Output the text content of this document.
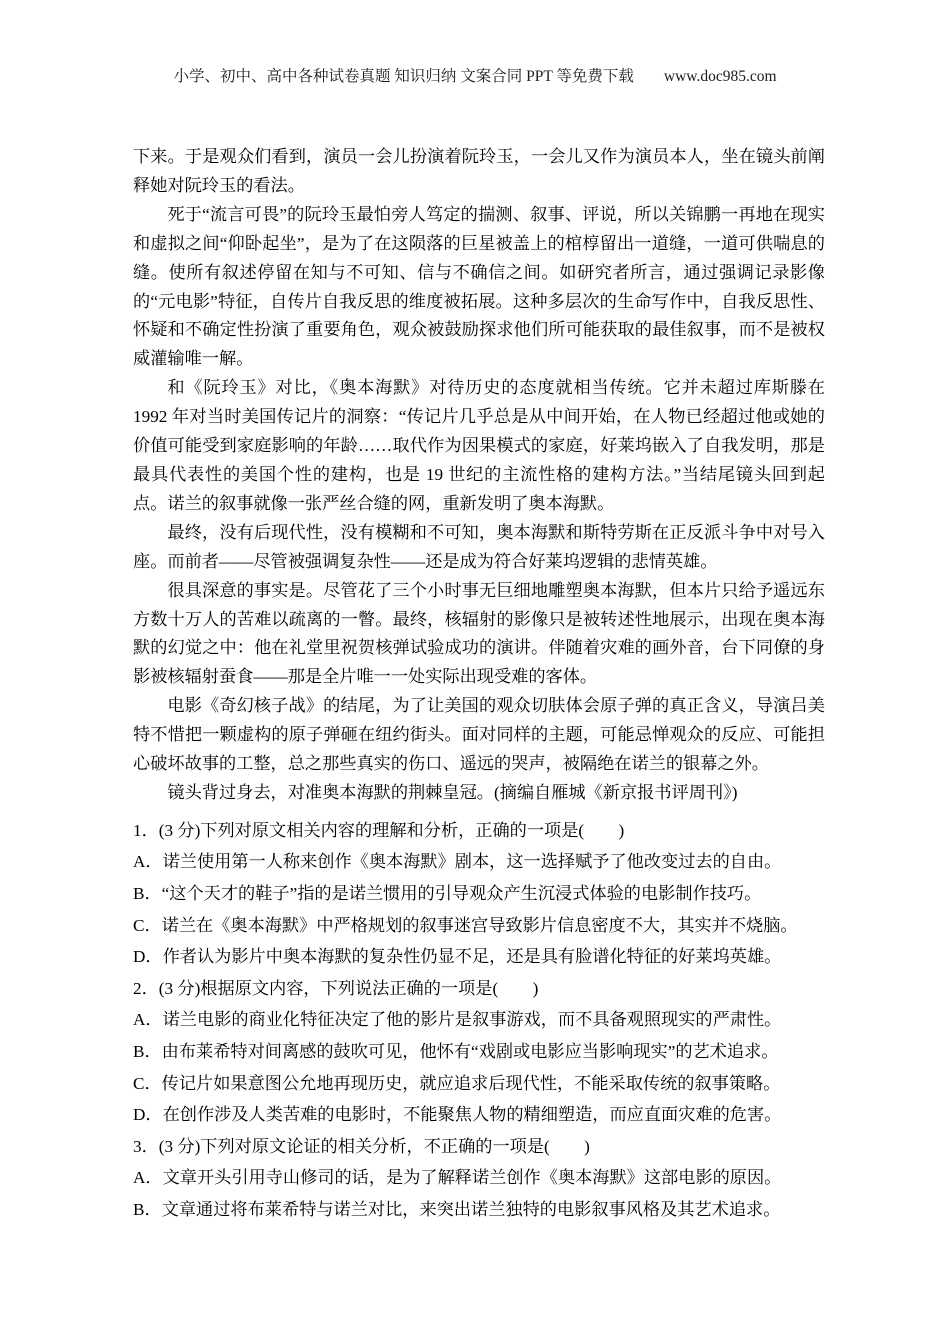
小学、初中、高中各种试卷真题 知识归纳 文案合同 PPT 等免费下载 www.doc985.com

下来。于是观众们看到，演员一会儿扮演着阮玲玉，一会儿又作为演员本人，坐在镜头前阐释她对阮玲玉的看法。

死于“流言可畏”的阮玲玉最怕旁人笃定的揣测、叙事、评说，所以关锦鹏一再地在现实和虚拟之间“仰卧起坐”，是为了在这陨落的巨星被盖上的棺椁留出一道缝，一道可供喘息的缝。使所有叙述停留在知与不可知、信与不确信之间。如研究者所言，通过强调记录影像的“元电影”特征，自传片自我反思的维度被拓展。这种多层次的生命写作中，自我反思性、怀疑和不确定性扮演了重要角色，观众被鼓励探求他们所可能获取的最佳叙事，而不是被权威灌输唯一解。

和《阮玲玉》对比，《奥本海默》对待历史的态度就相当传统。它并未超过库斯滕在 1992 年对当时美国传记片的洞察：“传记片几乎总是从中间开始，在人物已经超过他或她的价值可能受到家庭影响的年龄……取代作为因果模式的家庭，好莱坞嵌入了自我发明，那是最具代表性的美国个性的建构，也是 19 世纪的主流性格的建构方法。”当结尾镜头回到起点。诺兰的叙事就像一张严丝合缝的网，重新发明了奥本海默。

最终，没有后现代性，没有模糊和不可知，奥本海默和斯特劳斯在正反派斗争中对号入座。而前者——尽管被强调复杂性——还是成为符合好莱坞逻辑的悲情英雄。

很具深意的事实是。尽管花了三个小时事无巨细地雕塑奥本海默，但本片只给予遥远东方数十万人的苦难以疏离的一瞥。最终，核辐射的影像只是被转述性地展示，出现在奥本海默的幻觉之中：他在礼堂里祝贺核弹试验成功的演讲。伴随着灾难的画外音，台下同僚的身影被核辐射蚕食——那是全片唯一一处实际出现受难的客体。

电影《奇幻核子战》的结尾，为了让美国的观众切肤体会原子弹的真正含义，导演吕美特不惜把一颗虚构的原子弹砸在纽约街头。面对同样的主题，可能忌惮观众的反应、可能担心破坏故事的工整，总之那些真实的伤口、遥远的哭声，被隔绝在诺兰的银幕之外。

镜头背过身去，对准奥本海默的荆棘皇冠。(摘编自雁城《新京报书评周刊》)

1．(3 分)下列对原文相关内容的理解和分析，正确的一项是(　　)
A．诺兰使用第一人称来创作《奥本海默》剧本，这一选择赋予了他改变过去的自由。
B．“这个天才的鞋子”指的是诺兰惯用的引导观众产生沉浸式体验的电影制作技巧。
C．诺兰在《奥本海默》中严格规划的叙事迷宫导致影片信息密度不大，其实并不烧脑。
D．作者认为影片中奥本海默的复杂性仍显不足，还是具有脸谱化特征的好莱坞英雄。
2．(3 分)根据原文内容，下列说法正确的一项是(　　)
A．诺兰电影的商业化特征决定了他的影片是叙事游戏，而不具备观照现实的严肃性。
B．由布莱希特对间离感的鼓吹可见，他怀有“戏剧或电影应当影响现实”的艺术追求。
C．传记片如果意图公允地再现历史，就应追求后现代性，不能采取传统的叙事策略。
D．在创作涉及人类苦难的电影时，不能聚焦人物的精细塑造，而应直面灾难的危害。
3．(3 分)下列对原文论证的相关分析，不正确的一项是(　　)
A．文章开头引用寺山修司的话，是为了解释诺兰创作《奥本海默》这部电影的原因。
B．文章通过将布莱希特与诺兰对比，来突出诺兰独特的电影叙事风格及其艺术追求。
